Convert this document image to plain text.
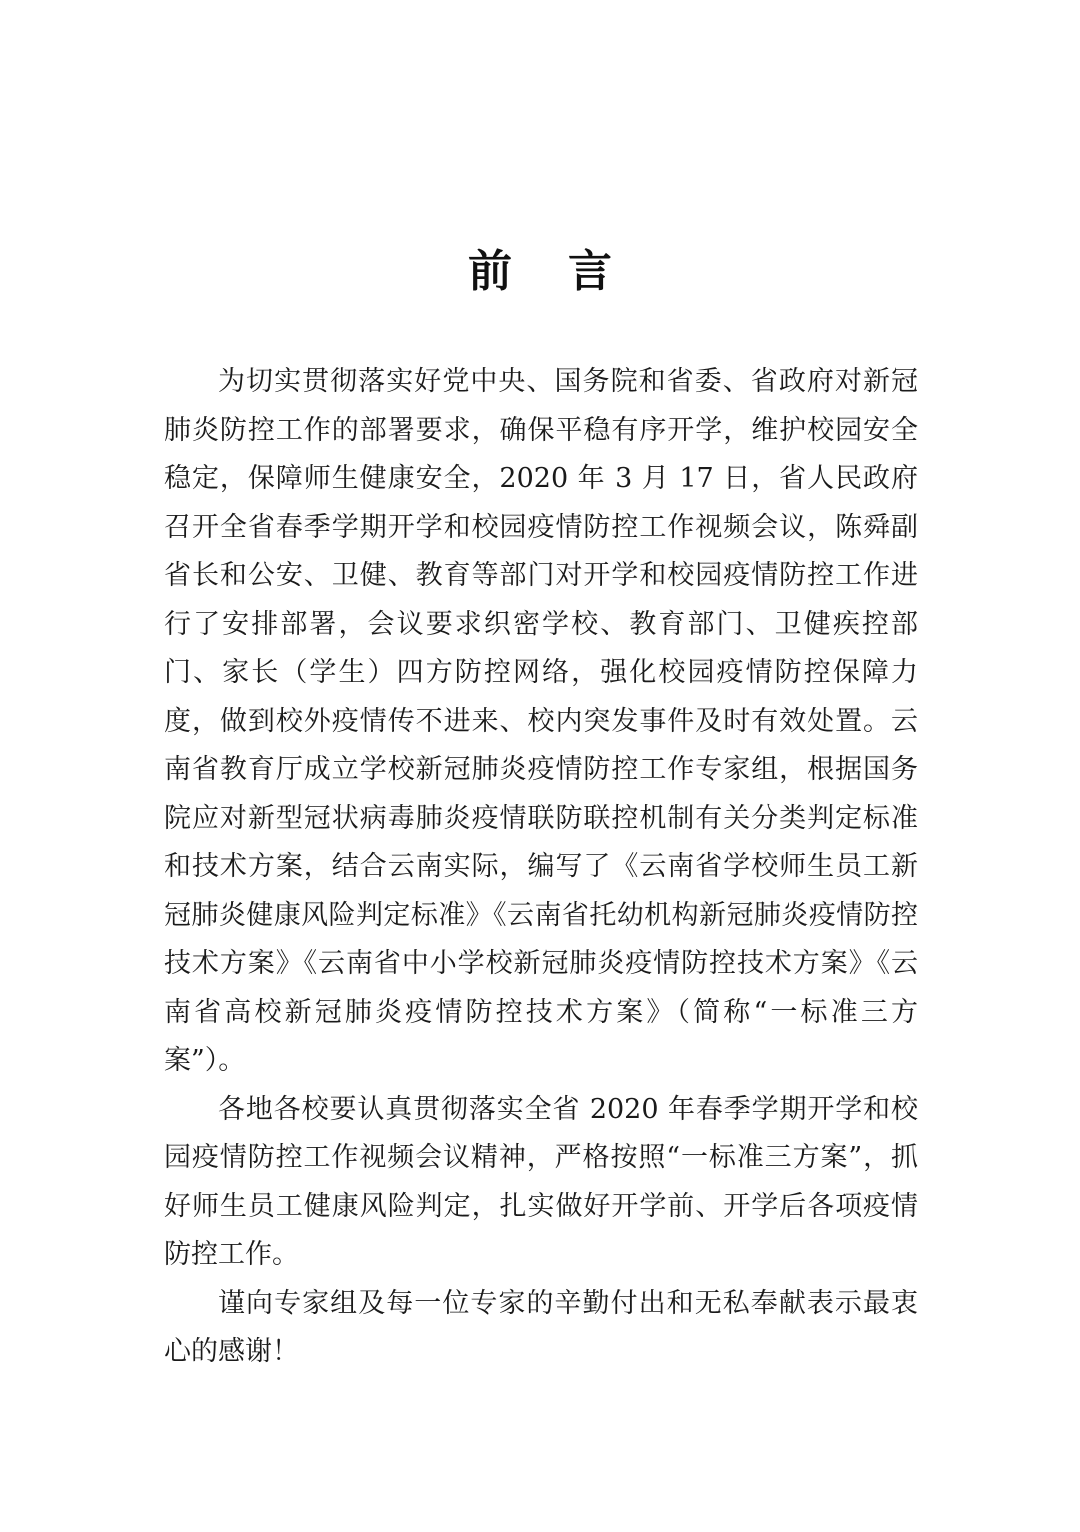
前言

为切实贯彻落实好党中央、国务院和省委、省政府对新冠肺炎防控工作的部署要求，确保平稳有序开学，维护校园安全稳定，保障师生健康安全，2020 年 3 月 17 日，省人民政府召开全省春季学期开学和校园疫情防控工作视频会议，陈舜副省长和公安、卫健、教育等部门对开学和校园疫情防控工作进行了安排部署，会议要求织密学校、教育部门、卫健疾控部门、家长（学生）四方防控网络，强化校园疫情防控保障力度，做到校外疫情传不进来、校内突发事件及时有效处置。云南省教育厅成立学校新冠肺炎疫情防控工作专家组，根据国务院应对新型冠状病毒肺炎疫情联防联控机制有关分类判定标准和技术方案，结合云南实际，编写了《云南省学校师生员工新冠肺炎健康风险判定标准》《云南省托幼机构新冠肺炎疫情防控技术方案》《云南省中小学校新冠肺炎疫情防控技术方案》《云南省高校新冠肺炎疫情防控技术方案》（简称“一标准三方案”）。

各地各校要认真贯彻落实全省 2020 年春季学期开学和校园疫情防控工作视频会议精神，严格按照“一标准三方案”，抓好师生员工健康风险判定，扎实做好开学前、开学后各项疫情防控工作。

谨向专家组及每一位专家的辛勤付出和无私奉献表示最衷心的感谢！
